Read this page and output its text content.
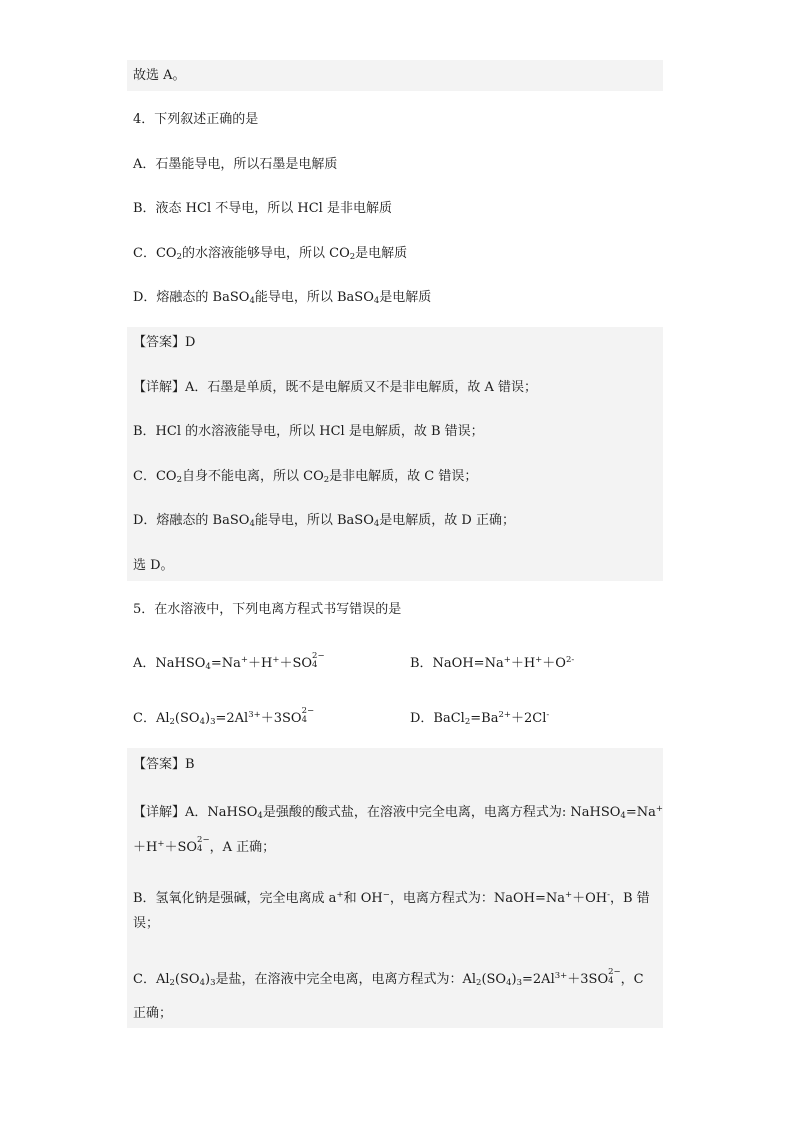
故选 A。
4．下列叙述正确的是
A．石墨能导电，所以石墨是电解质
B．液态 HCl 不导电，所以 HCl 是非电解质
C．$CO_2$的水溶液能够导电，所以 $CO_2$是电解质
D．熔融态的 BaSO$_4$能导电，所以 BaSO$_4$是电解质
【答案】D
【详解】A．石墨是单质，既不是电解质又不是非电解质，故 A 错误；
B．HCl 的水溶液能导电，所以 HCl 是电解质，故 B 错误；
C．$CO_2$自身不能电离，所以 $CO_2$是非电解质，故 C 错误；
D．熔融态的 BaSO$_4$能导电，所以 BaSO$_4$是电解质，故 D 正确；
选 D。
5．在水溶液中，下列电离方程式书写错误的是
A．NaHSO$_4$=Na+＋H+＋SO 2−
4	B．$NaOH=Na^++H^++O^{2-}$
C．$Al_2(SO_4)_3=2Al^{3+}+3SO$ 2−
4	D．$BaCl_2=Ba^{2+}+2Cl^-$
【答案】B
【详解】A．NaHSO$_4$是强酸的酸式盐，在溶液中完全电离，电离方程式为: NaHSO$_4$=Na+
＋H+＋SO 2−
4 ，A 正确；
B．氢氧化钠是强碱，完全电离成 a+和 OH−，电离方程式为：NaOH=Na+＋OH-，B 错
误；
C．$Al_2(SO_4)_3$是盐，在溶液中完全电离，电离方程式为：$Al_2(SO_4)_3=2Al^{3+}+3SO$ 2−
4 ，C
正确；
